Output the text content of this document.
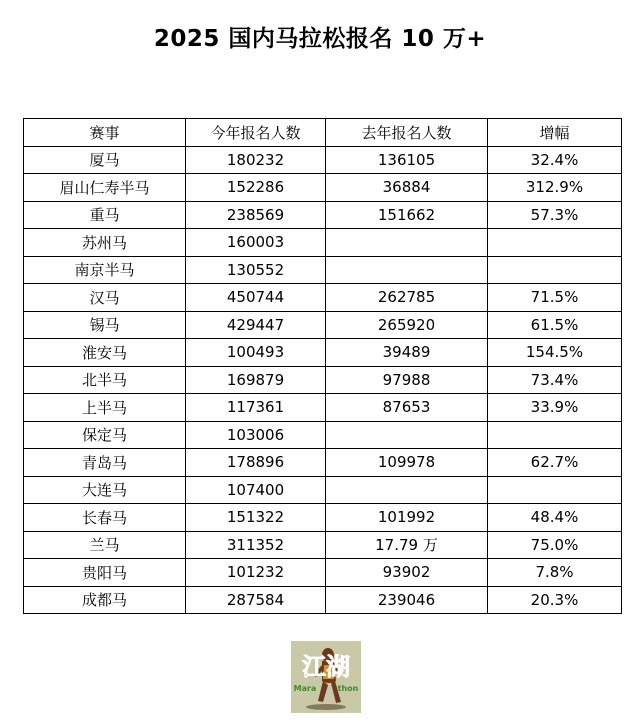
2025 国内马拉松报名 10 万+
赛事	今年报名人数	去年报名人数	增幅
厦马	180232	136105	32.4%
眉山仁寿半马	152286	36884	312.9%
重马	238569	151662	57.3%
苏州马	160003		
南京半马	130552		
汉马	450744	262785	71.5%
锡马	429447	265920	61.5%
淮安马	100493	39489	154.5%
北半马	169879	97988	73.4%
上半马	117361	87653	33.9%
保定马	103006		
青岛马	178896	109978	62.7%
大连马	107400		
长春马	151322	101992	48.4%
兰马	311352	17.79 万	75.0%
贵阳马	101232	93902	7.8%
成都马	287584	239046	20.3%
江湖
Mara	thon
